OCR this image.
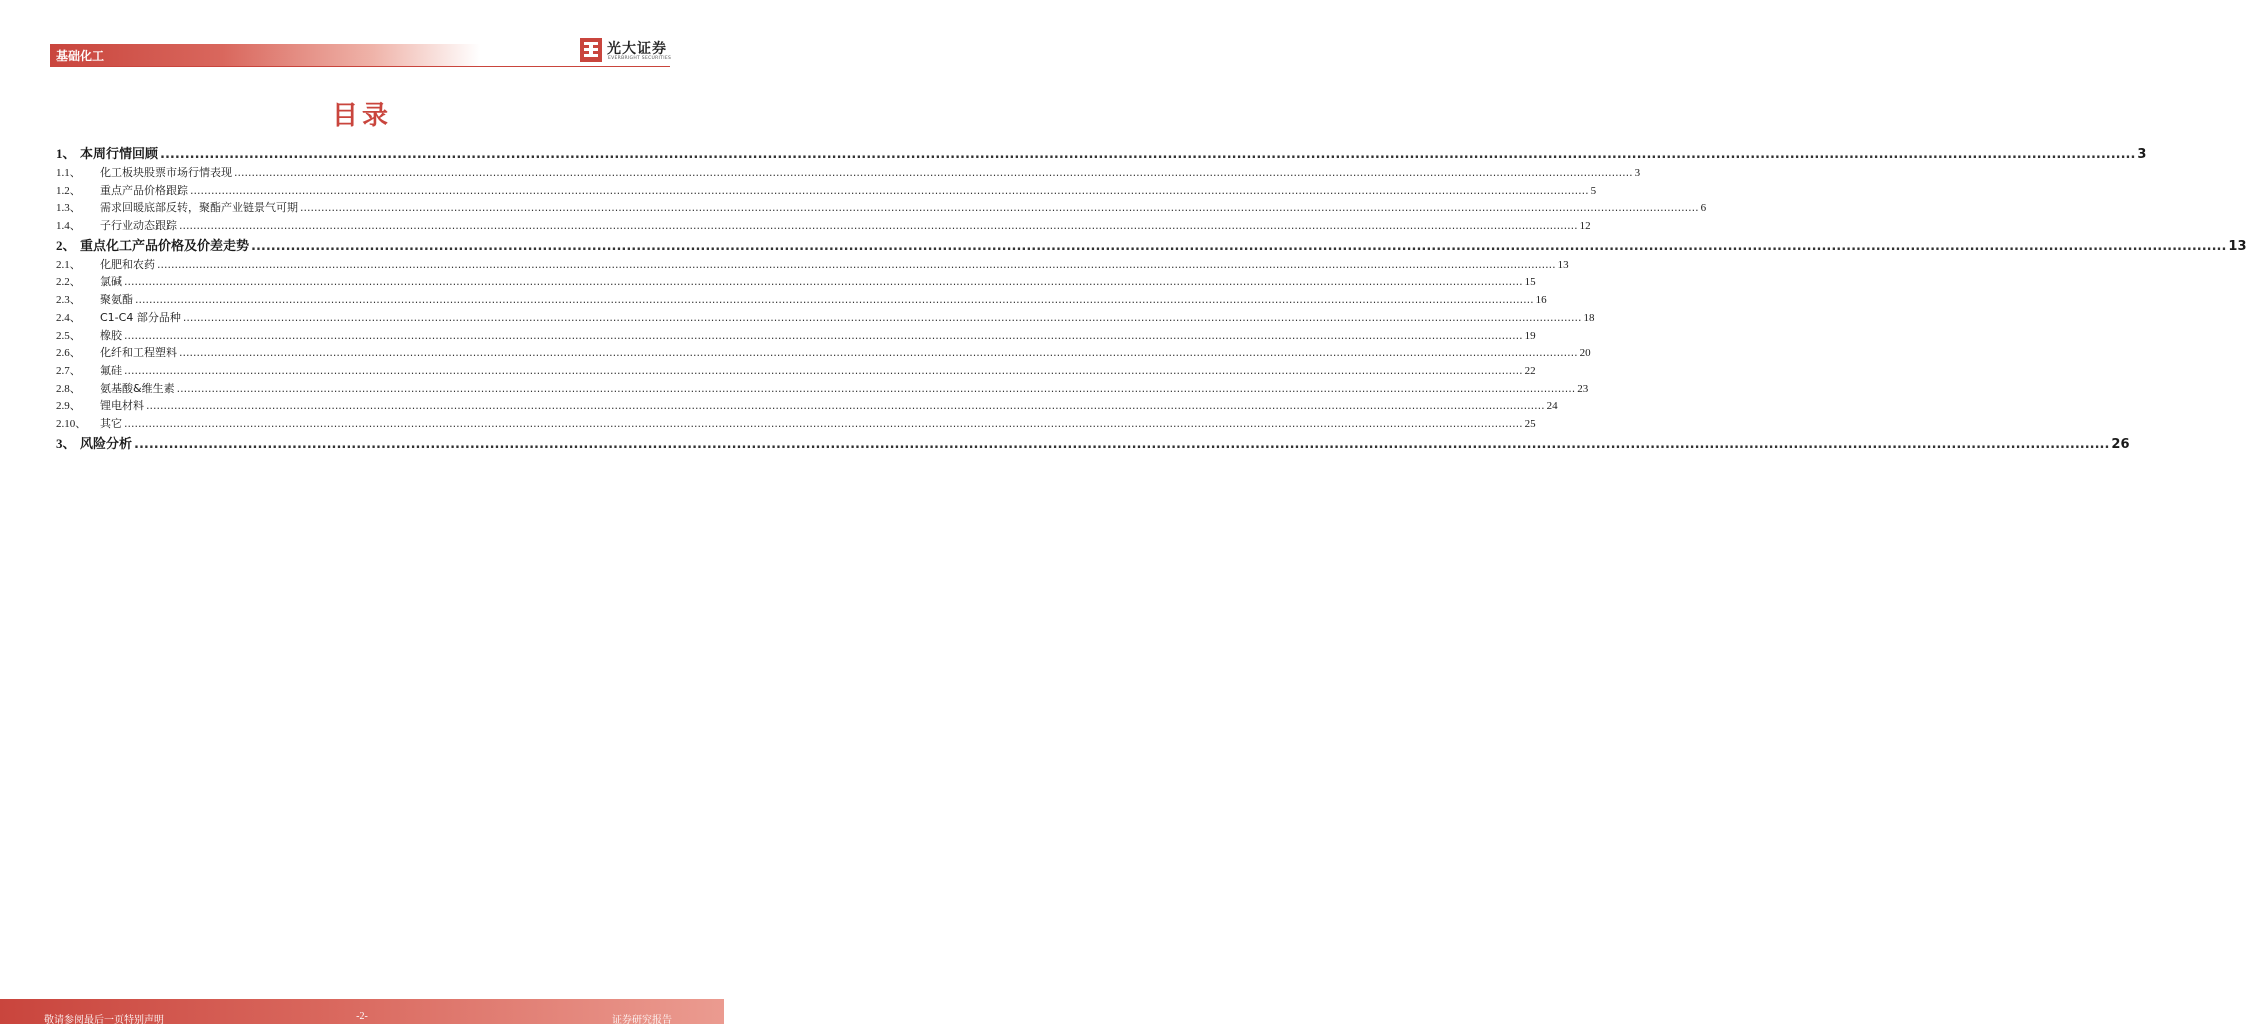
基础化工	光大证券
EVERBRIGHT SECURITIES
目录
1、 本周行情回顾 ................................................................................................................................................................................................................................................................................................................................................................................................................ 3
1.1、	化工板块股票市场行情表现 ................................................................................................................................................................................................................................................................................................................................................................................................................ 3
1.2、	重点产品价格跟踪 ................................................................................................................................................................................................................................................................................................................................................................................................................ 5
1.3、	需求回暖底部反转，聚酯产业链景气可期 ................................................................................................................................................................................................................................................................................................................................................................................................................ 6
1.4、	子行业动态跟踪 ................................................................................................................................................................................................................................................................................................................................................................................................................ 12
2、 重点化工产品价格及价差走势 ................................................................................................................................................................................................................................................................................................................................................................................................................ 13
2.1、	化肥和农药 ................................................................................................................................................................................................................................................................................................................................................................................................................ 13
2.2、	氯碱 ................................................................................................................................................................................................................................................................................................................................................................................................................ 15
2.3、	聚氨酯 ................................................................................................................................................................................................................................................................................................................................................................................................................ 16
2.4、	C1-C4 部分品种 ................................................................................................................................................................................................................................................................................................................................................................................................................ 18
2.5、	橡胶 ................................................................................................................................................................................................................................................................................................................................................................................................................ 19
2.6、	化纤和工程塑料 ................................................................................................................................................................................................................................................................................................................................................................................................................ 20
2.7、	氟硅 ................................................................................................................................................................................................................................................................................................................................................................................................................ 22
2.8、	氨基酸&维生素 ................................................................................................................................................................................................................................................................................................................................................................................................................ 23
2.9、	锂电材料 ................................................................................................................................................................................................................................................................................................................................................................................................................ 24
2.10、	其它 ................................................................................................................................................................................................................................................................................................................................................................................................................ 25
3、 风险分析 ................................................................................................................................................................................................................................................................................................................................................................................................................ 26
敬请参阅最后一页特别声明	-2-	证券研究报告
